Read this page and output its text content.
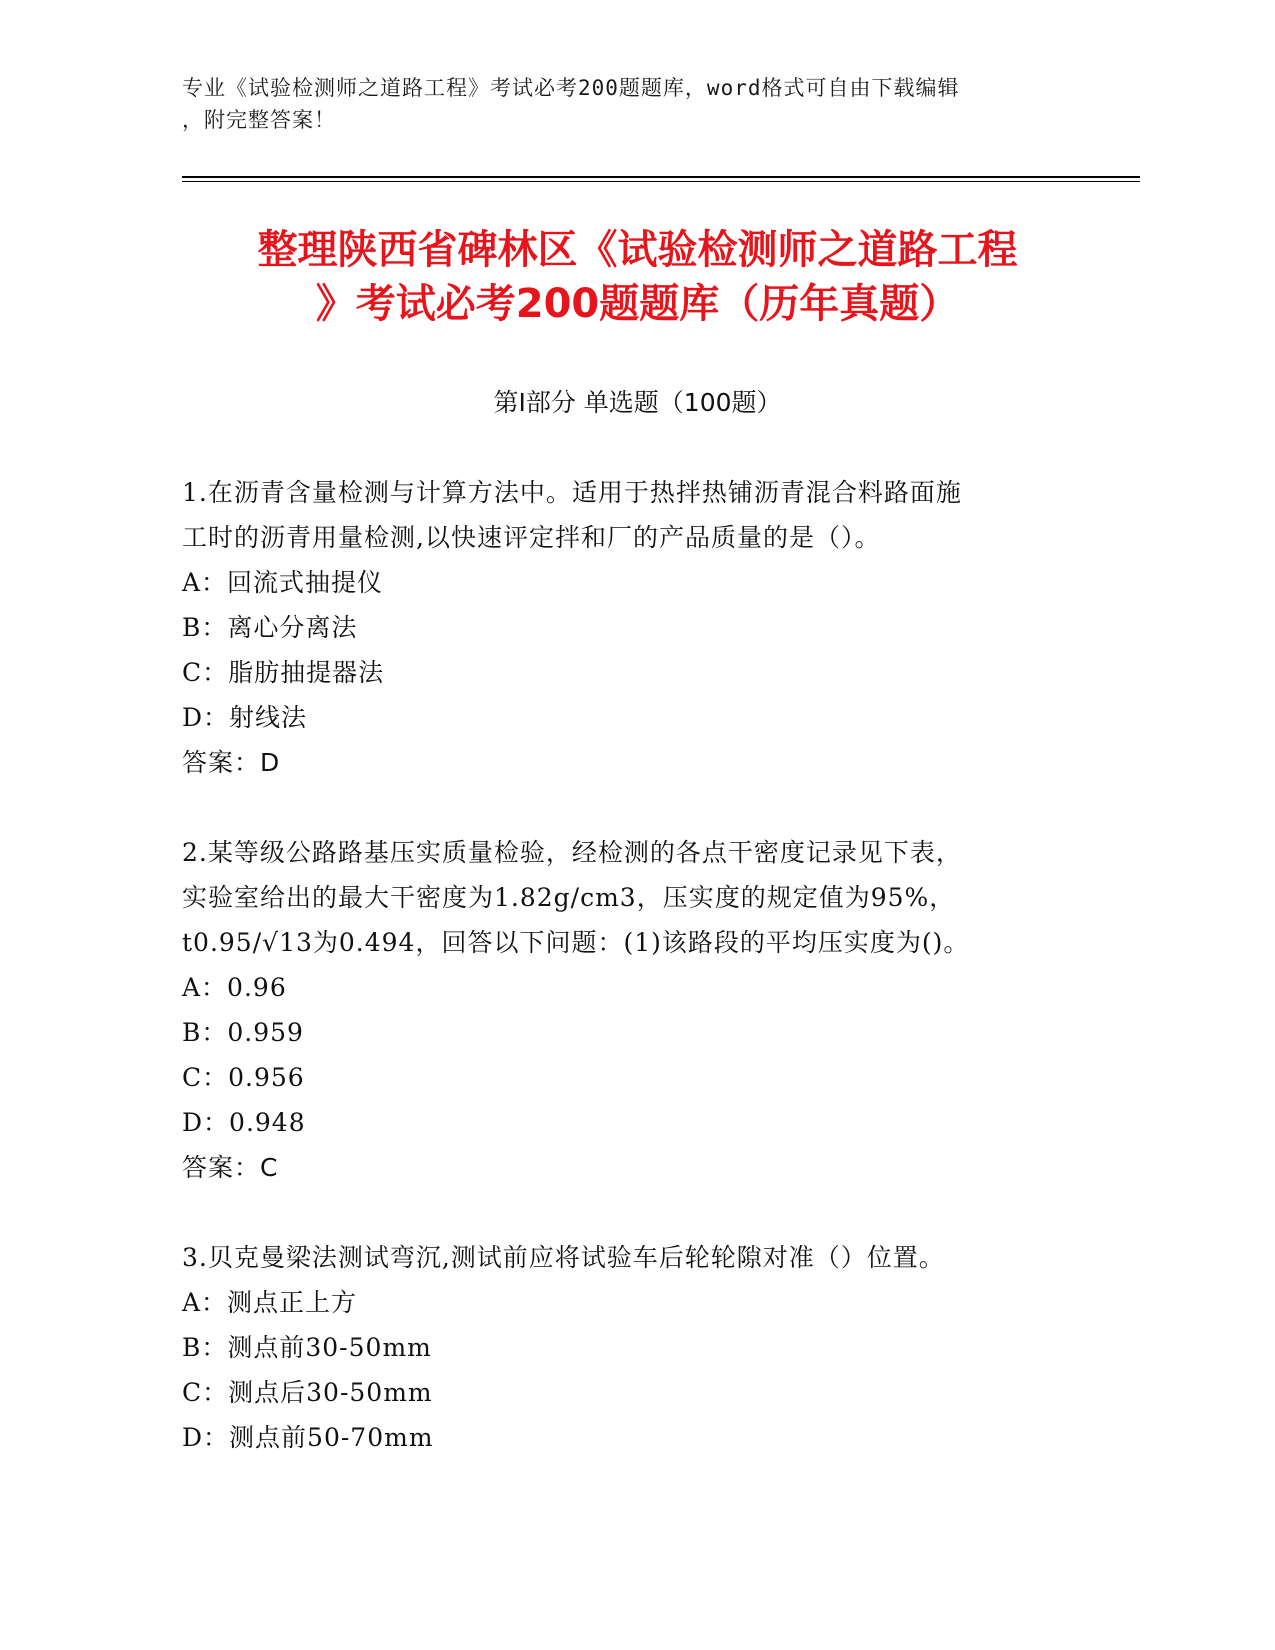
专业《试验检测师之道路工程》考试必考200题题库，word格式可自由下载编辑
，附完整答案！
整理陕西省碑林区《试验检测师之道路工程
》考试必考200题题库（历年真题）
第Ⅰ部分 单选题（100题）
1.在沥青含量检测与计算方法中。适用于热拌热铺沥青混合料路面施
工时的沥青用量检测,以快速评定拌和厂的产品质量的是（）。
A：回流式抽提仪
B：离心分离法
C：脂肪抽提器法
D：射线法
答案：D
2.某等级公路路基压实质量检验，经检测的各点干密度记录见下表，
实验室给出的最大干密度为1.82g/cm3，压实度的规定值为95%，
t0.95/√13为0.494，回答以下问题：(1)该路段的平均压实度为()。
A：0.96
B：0.959
C：0.956
D：0.948
答案：C
3.贝克曼梁法测试弯沉,测试前应将试验车后轮轮隙对准（）位置。
A：测点正上方
B：测点前30-50mm
C：测点后30-50mm
D：测点前50-70mm
